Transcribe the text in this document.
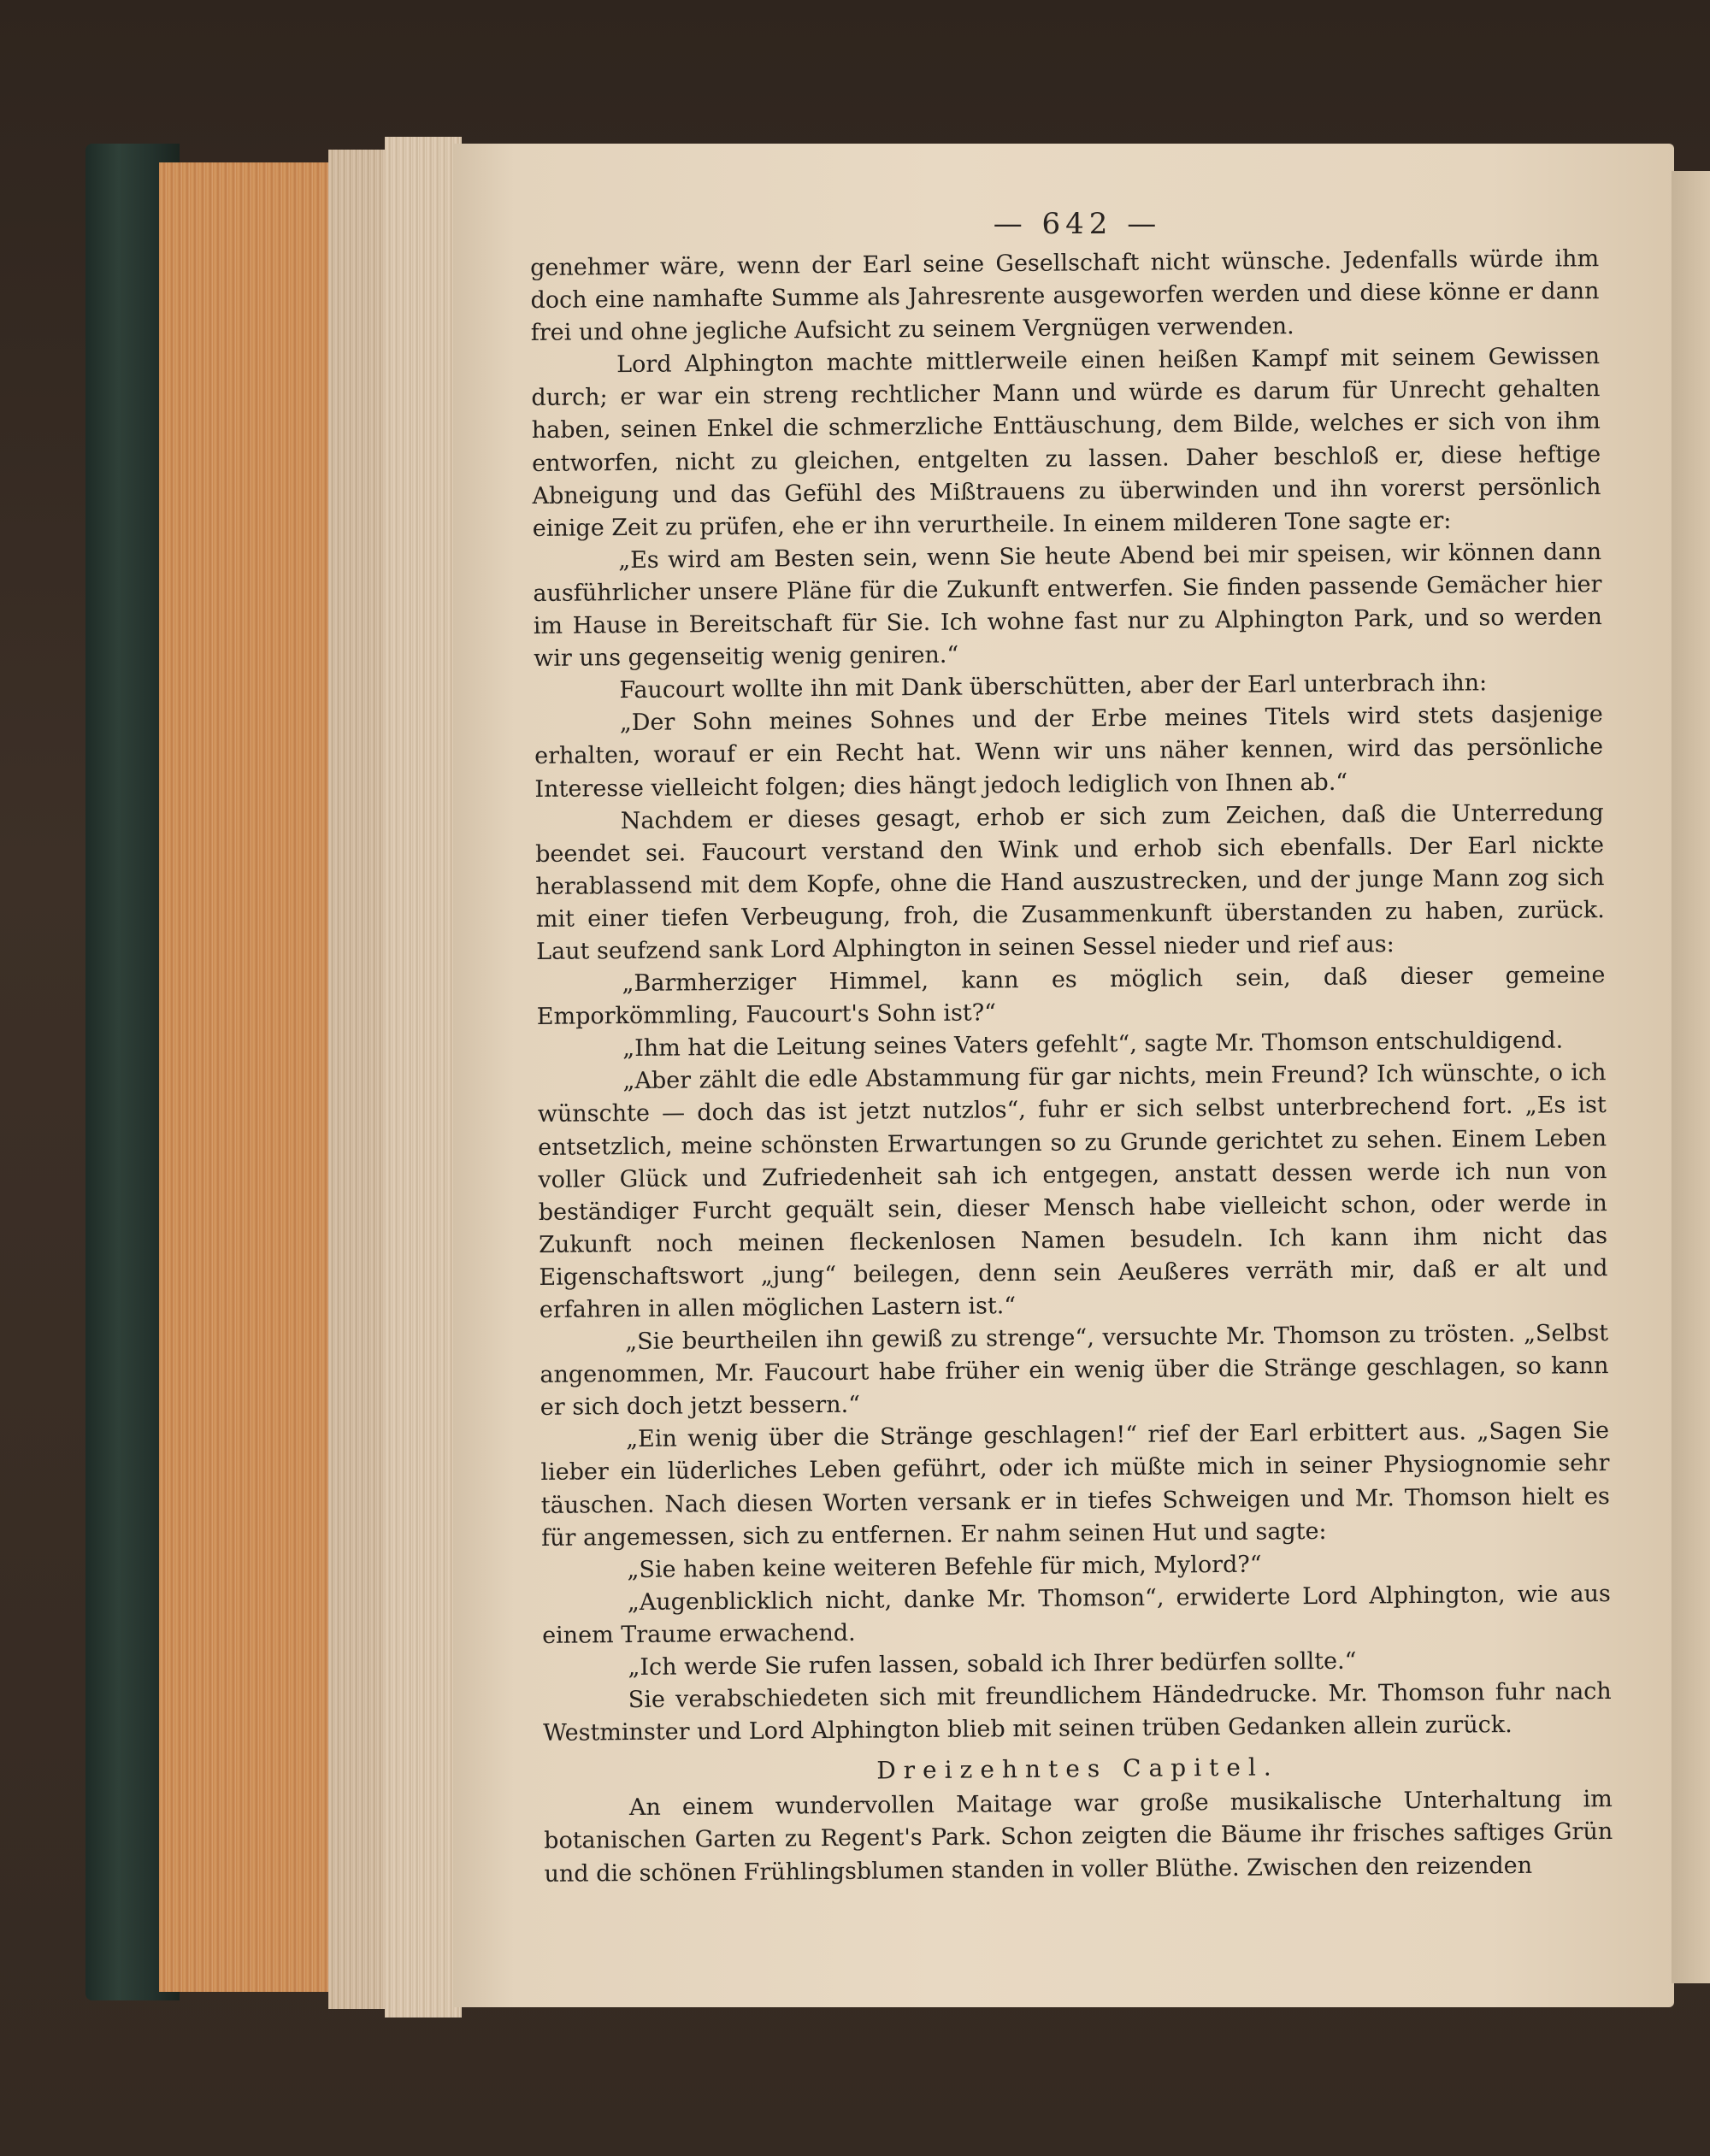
— 642 —

genehmer wäre, wenn der Earl seine Gesellschaft nicht wünsche. Jedenfalls würde ihm doch eine namhafte Summe als Jahresrente ausgeworfen werden und diese könne er dann frei und ohne jegliche Aufsicht zu seinem Vergnügen verwenden.

Lord Alphington machte mittlerweile einen heißen Kampf mit seinem Gewissen durch; er war ein streng rechtlicher Mann und würde es darum für Unrecht gehalten haben, seinen Enkel die schmerzliche Enttäuschung, dem Bilde, welches er sich von ihm entworfen, nicht zu gleichen, entgelten zu lassen. Daher beschloß er, diese heftige Abneigung und das Gefühl des Mißtrauens zu überwinden und ihn vorerst persönlich einige Zeit zu prüfen, ehe er ihn verurtheile. In einem milderen Tone sagte er:

„Es wird am Besten sein, wenn Sie heute Abend bei mir speisen, wir können dann ausführlicher unsere Pläne für die Zukunft entwerfen. Sie finden passende Gemächer hier im Hause in Bereitschaft für Sie. Ich wohne fast nur zu Alphington Park, und so werden wir uns gegenseitig wenig geniren.“

Faucourt wollte ihn mit Dank überschütten, aber der Earl unterbrach ihn:

„Der Sohn meines Sohnes und der Erbe meines Titels wird stets dasjenige erhalten, worauf er ein Recht hat. Wenn wir uns näher kennen, wird das persönliche Interesse vielleicht folgen; dies hängt jedoch lediglich von Ihnen ab.“

Nachdem er dieses gesagt, erhob er sich zum Zeichen, daß die Unterredung beendet sei. Faucourt verstand den Wink und erhob sich ebenfalls. Der Earl nickte herablassend mit dem Kopfe, ohne die Hand auszustrecken, und der junge Mann zog sich mit einer tiefen Verbeugung, froh, die Zusammenkunft überstanden zu haben, zurück. Laut seufzend sank Lord Alphington in seinen Sessel nieder und rief aus:

„Barmherziger Himmel, kann es möglich sein, daß dieser gemeine Emporkömmling, Faucourt's Sohn ist?“

„Ihm hat die Leitung seines Vaters gefehlt“, sagte Mr. Thomson entschuldigend.

„Aber zählt die edle Abstammung für gar nichts, mein Freund? Ich wünschte, o ich wünschte — doch das ist jetzt nutzlos“, fuhr er sich selbst unterbrechend fort. „Es ist entsetzlich, meine schönsten Erwartungen so zu Grunde gerichtet zu sehen. Einem Leben voller Glück und Zufriedenheit sah ich entgegen, anstatt dessen werde ich nun von beständiger Furcht gequält sein, dieser Mensch habe vielleicht schon, oder werde in Zukunft noch meinen fleckenlosen Namen besudeln. Ich kann ihm nicht das Eigenschaftswort „jung“ beilegen, denn sein Aeußeres verräth mir, daß er alt und erfahren in allen möglichen Lastern ist.“

„Sie beurtheilen ihn gewiß zu strenge“, versuchte Mr. Thomson zu trösten. „Selbst angenommen, Mr. Faucourt habe früher ein wenig über die Stränge geschlagen, so kann er sich doch jetzt bessern.“

„Ein wenig über die Stränge geschlagen!“ rief der Earl erbittert aus. „Sagen Sie lieber ein lüderliches Leben geführt, oder ich müßte mich in seiner Physiognomie sehr täuschen. Nach diesen Worten versank er in tiefes Schweigen und Mr. Thomson hielt es für angemessen, sich zu entfernen. Er nahm seinen Hut und sagte:

„Sie haben keine weiteren Befehle für mich, Mylord?“

„Augenblicklich nicht, danke Mr. Thomson“, erwiderte Lord Alphington, wie aus einem Traume erwachend.

„Ich werde Sie rufen lassen, sobald ich Ihrer bedürfen sollte.“

Sie verabschiedeten sich mit freundlichem Händedrucke. Mr. Thomson fuhr nach Westminster und Lord Alphington blieb mit seinen trüben Gedanken allein zurück.

Dreizehntes Capitel.

An einem wundervollen Maitage war große musikalische Unterhaltung im botanischen Garten zu Regent's Park. Schon zeigten die Bäume ihr frisches saftiges Grün und die schönen Frühlingsblumen standen in voller Blüthe. Zwischen den reizenden
